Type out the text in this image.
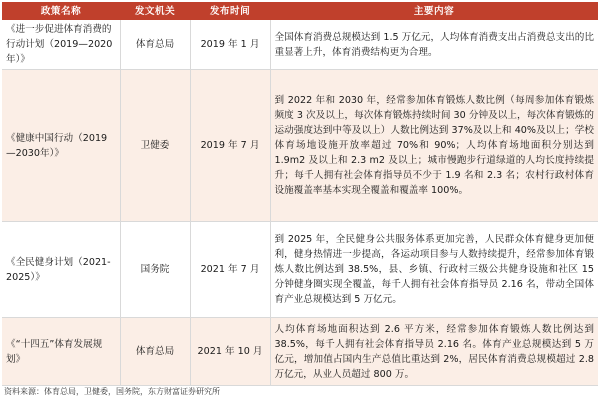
政策名称	发文机关	发布时间	主要内容
《进一步促进体育消费的行动计划（2019—2020年）》	体育总局	2019 年 1 月	全国体育消费总规模达到 1.5 万亿元，人均体育消费支出占消费总支出的比重显著上升，体育消费结构更为合理。
《健康中国行动（2019—2030年）》	卫健委	2019 年 7 月	到 2022 年和 2030 年，经常参加体育锻炼人数比例（每周参加体育锻炼频度 3 次及以上，每次体育锻炼持续时间 30 分钟及以上，每次体育锻炼的运动强度达到中等及以上）人数比例达到 37%及以上和 40%及以上；学校体育场地设施开放率超过 70%和 90%；人均体育场地面积分别达到 1.9m2 及以上和 2.3 m2 及以上；城市慢跑步行道绿道的人均长度持续提升；每千人拥有社会体育指导员不少于 1.9 名和 2.3 名；农村行政村体育设施覆盖率基本实现全覆盖和覆盖率 100%。
《全民健身计划（2021-2025）》	国务院	2021 年 7 月	到 2025 年，全民健身公共服务体系更加完善，人民群众体育健身更加便利，健身热情进一步提高，各运动项目参与人数持续提升，经常参加体育锻炼人数比例达到 38.5%，县、乡镇、行政村三级公共健身设施和社区 15 分钟健身圈实现全覆盖，每千人拥有社会体育指导员 2.16 名，带动全国体育产业总规模达到 5 万亿元。
《“十四五”体育发展规划》	体育总局	2021 年 10 月	人均体育场地面积达到 2.6 平方米，经常参加体育锻炼人数比例达到 38.5%，每千人拥有社会体育指导员 2.16 名。体育产业总规模达到 5 万亿元，增加值占国内生产总值比重达到 2%，居民体育消费总规模超过 2.8 万亿元，从业人员超过 800 万。
资料来源：体育总局，卫健委，国务院，东方财富证券研究所
